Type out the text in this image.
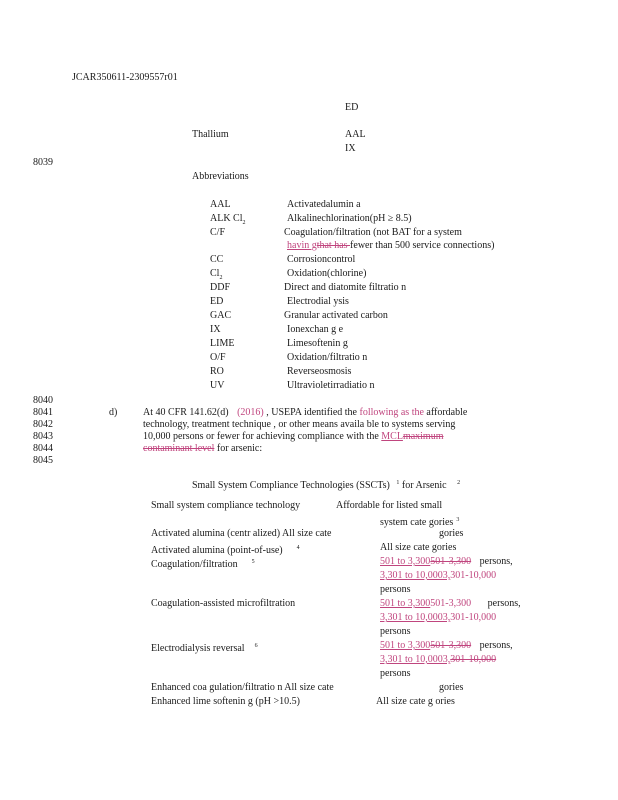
JCAR350611-2309557r01
ED
Thallium	AAL
IX
8039
8040
8041
8042
8043
8044
8045
Abbreviations
AAL	Activatedalumin a
ALK $Cl_2$	Alkalinechlorination(pH ≥ 8.5)
C/F	Coagulation/filtration (not BAT for a system
havin gthat has fewer than 500 service connections)
CC	Corrosioncontrol
$Cl_2$	Oxidation(chlorine)
DDF	Direct and diatomite filtratio n
ED	Electrodial ysis
GAC	Granular activated carbon
IX	Ionexchan g e
LIME	Limesoftenin g
O/F	Oxidation/filtratio n
RO	Reverseosmosis
UV	Ultravioletirradiatio n
d)	At 40 CFR 141.62(d) (2016) , USEPA identified the following as the affordable
technology, treatment technique , or other means availa ble to systems serving
10,000 persons or fewer for achieving compliance with the MCLmaximum
contaminant level for arsenic:
Small System Compliance Technologies (SSCTs) $^1$ for Arsenic $^2$
Small system compliance technology	Affordable for listed small
system cate gories $^3$
Activated alumina (centr alized) All size cate	gories
Activated alumina (point-of-use) $^4$	All size cate gories
Coagulation/filtration $^5$	501 to 3,300501-3,300 persons,
3,301 to 10,0003,301-10,000
persons
Coagulation-assisted microfiltration	501 to 3,300501-3,300 persons,
3,301 to 10,0003,301-10,000
persons
Electrodialysis reversal $^6$	501 to 3,300501-3,300 persons,
3,301 to 10,0003,301-10,000
persons
Enhanced coa gulation/filtratio n All size cate	gories
Enhanced lime softenin g (pH >10.5)	All size cate g ories
